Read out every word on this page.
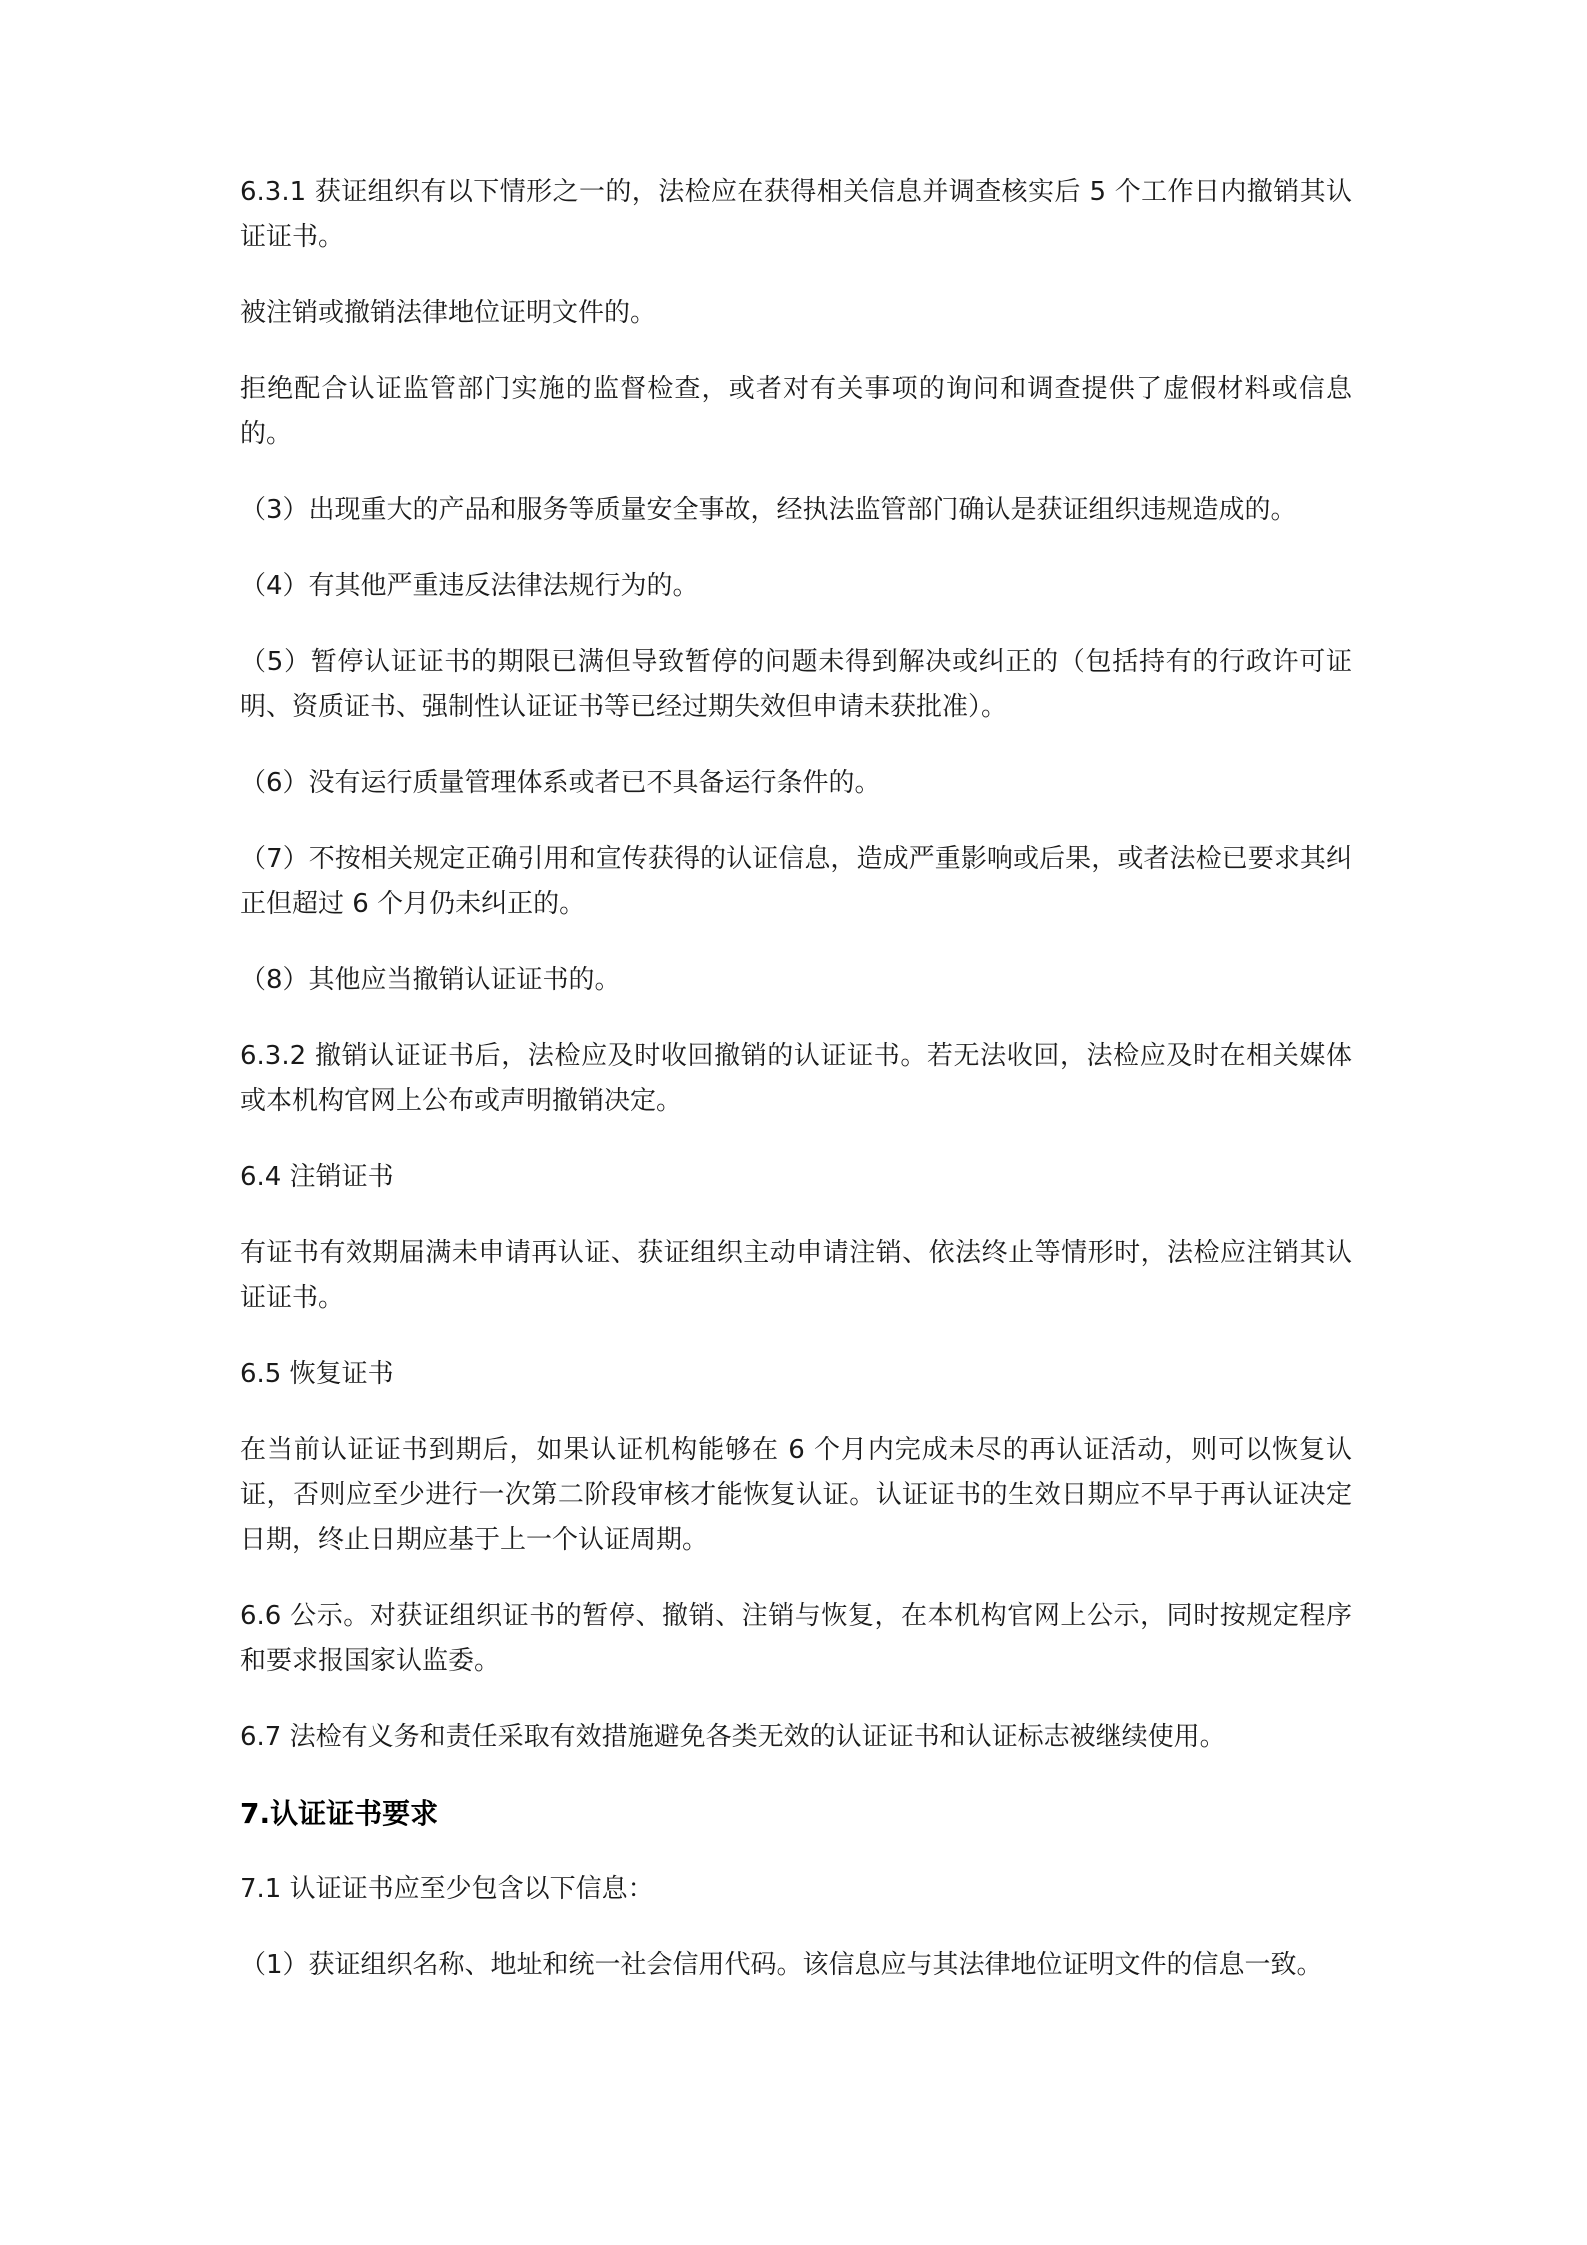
6.3.1 获证组织有以下情形之一的，法检应在获得相关信息并调查核实后 5 个工作日内撤销其认证证书。

被注销或撤销法律地位证明文件的。

拒绝配合认证监管部门实施的监督检查，或者对有关事项的询问和调查提供了虚假材料或信息的。

（3）出现重大的产品和服务等质量安全事故，经执法监管部门确认是获证组织违规造成的。

（4）有其他严重违反法律法规行为的。

（5）暂停认证证书的期限已满但导致暂停的问题未得到解决或纠正的（包括持有的行政许可证明、资质证书、强制性认证证书等已经过期失效但申请未获批准）。

（6）没有运行质量管理体系或者已不具备运行条件的。

（7）不按相关规定正确引用和宣传获得的认证信息，造成严重影响或后果，或者法检已要求其纠正但超过 6 个月仍未纠正的。

（8）其他应当撤销认证证书的。

6.3.2 撤销认证证书后，法检应及时收回撤销的认证证书。若无法收回，法检应及时在相关媒体或本机构官网上公布或声明撤销决定。

6.4 注销证书

有证书有效期届满未申请再认证、获证组织主动申请注销、依法终止等情形时，法检应注销其认证证书。

6.5 恢复证书

在当前认证证书到期后，如果认证机构能够在 6 个月内完成未尽的再认证活动，则可以恢复认证，否则应至少进行一次第二阶段审核才能恢复认证。认证证书的生效日期应不早于再认证决定日期，终止日期应基于上一个认证周期。

6.6 公示。对获证组织证书的暂停、撤销、注销与恢复，在本机构官网上公示，同时按规定程序和要求报国家认监委。

6.7 法检有义务和责任采取有效措施避免各类无效的认证证书和认证标志被继续使用。

7.认证证书要求

7.1 认证证书应至少包含以下信息：

（1）获证组织名称、地址和统一社会信用代码。该信息应与其法律地位证明文件的信息一致。
